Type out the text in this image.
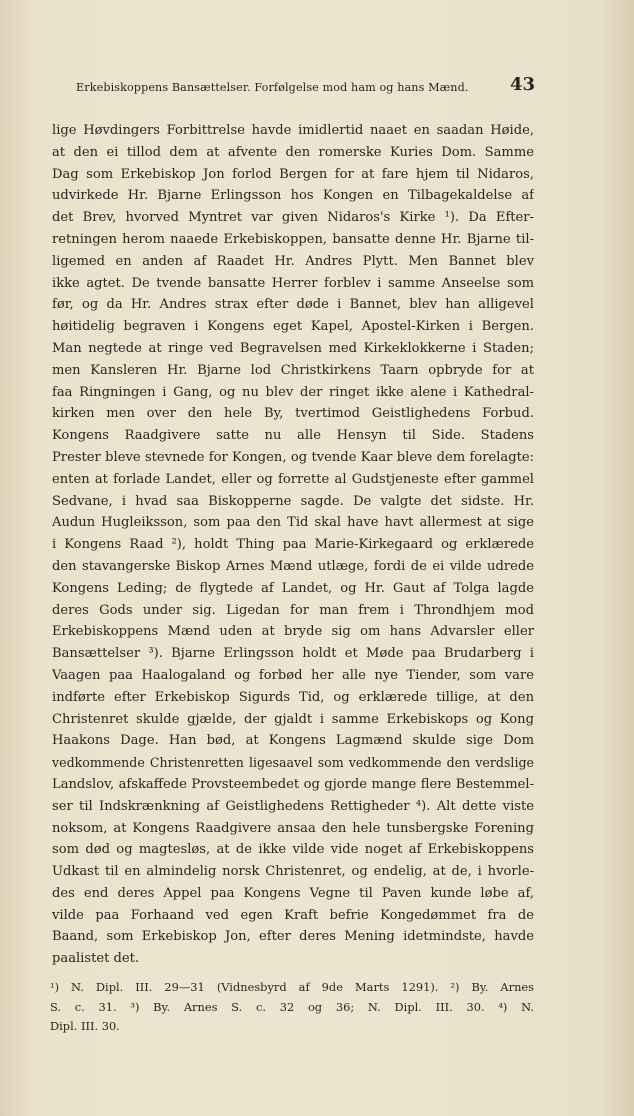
Erkebiskoppens Bansættelser. Forfølgelse mod ham og hans Mænd.	43
lige Høvdingers Forbittrelse havde imidlertid naaet en saadan Høide,
at den ei tillod dem at afvente den romerske Kuries Dom. Samme
Dag som Erkebiskop Jon forlod Bergen for at fare hjem til Nidaros,
udvirkede Hr. Bjarne Erlingsson hos Kongen en Tilbagekaldelse af
det Brev, hvorved Myntret var given Nidaros's Kirke ¹). Da Efter-
retningen herom naaede Erkebiskoppen, bansatte denne Hr. Bjarne til-
ligemed en anden af Raadet Hr. Andres Plytt. Men Bannet blev
ikke agtet. De tvende bansatte Herrer forblev i samme Anseelse som
før, og da Hr. Andres strax efter døde i Bannet, blev han alligevel
høitidelig begraven i Kongens eget Kapel, Apostel-Kirken i Bergen.
Man negtede at ringe ved Begravelsen med Kirkeklokkerne i Staden;
men Kansleren Hr. Bjarne lod Christkirkens Taarn opbryde for at
faa Ringningen i Gang, og nu blev der ringet ikke alene i Kathedral-
kirken men over den hele By, tvertimod Geistlighedens Forbud.
Kongens Raadgivere satte nu alle Hensyn til Side. Stadens
Prester bleve stevnede for Kongen, og tvende Kaar bleve dem forelagte:
enten at forlade Landet, eller og forrette al Gudstjeneste efter gammel
Sedvane, i hvad saa Biskopperne sagde. De valgte det sidste. Hr.
Audun Hugleiksson, som paa den Tid skal have havt allermest at sige
i Kongens Raad ²), holdt Thing paa Marie-Kirkegaard og erklærede
den stavangerske Biskop Arnes Mænd utlæge, fordi de ei vilde udrede
Kongens Leding; de flygtede af Landet, og Hr. Gaut af Tolga lagde
deres Gods under sig. Ligedan for man frem i Throndhjem mod
Erkebiskoppens Mænd uden at bryde sig om hans Advarsler eller
Bansættelser ³). Bjarne Erlingsson holdt et Møde paa Brudarberg i
Vaagen paa Haalogaland og forbød her alle nye Tiender, som vare
indførte efter Erkebiskop Sigurds Tid, og erklærede tillige, at den
Christenret skulde gjælde, der gjaldt i samme Erkebiskops og Kong
Haakons Dage. Han bød, at Kongens Lagmænd skulde sige Dom
vedkommende Christenretten ligesaavel som vedkommende den verdslige
Landslov, afskaffede Provsteembedet og gjorde mange flere Bestemmel-
ser til Indskrænkning af Geistlighedens Rettigheder ⁴). Alt dette viste
noksom, at Kongens Raadgivere ansaa den hele tunsbergske Forening
som død og magtesløs, at de ikke vilde vide noget af Erkebiskoppens
Udkast til en almindelig norsk Christenret, og endelig, at de, i hvorle-
des end deres Appel paa Kongens Vegne til Paven kunde løbe af,
vilde paa Forhaand ved egen Kraft befrie Kongedømmet fra de
Baand, som Erkebiskop Jon, efter deres Mening idetmindste, havde
paalistet det.
¹) N. Dipl. III. 29—31 (Vidnesbyrd af 9de Marts 1291). ²) By. Arnes
S. c. 31. ³) By. Arnes S. c. 32 og 36; N. Dipl. III. 30. ⁴) N.
Dipl. III. 30.
